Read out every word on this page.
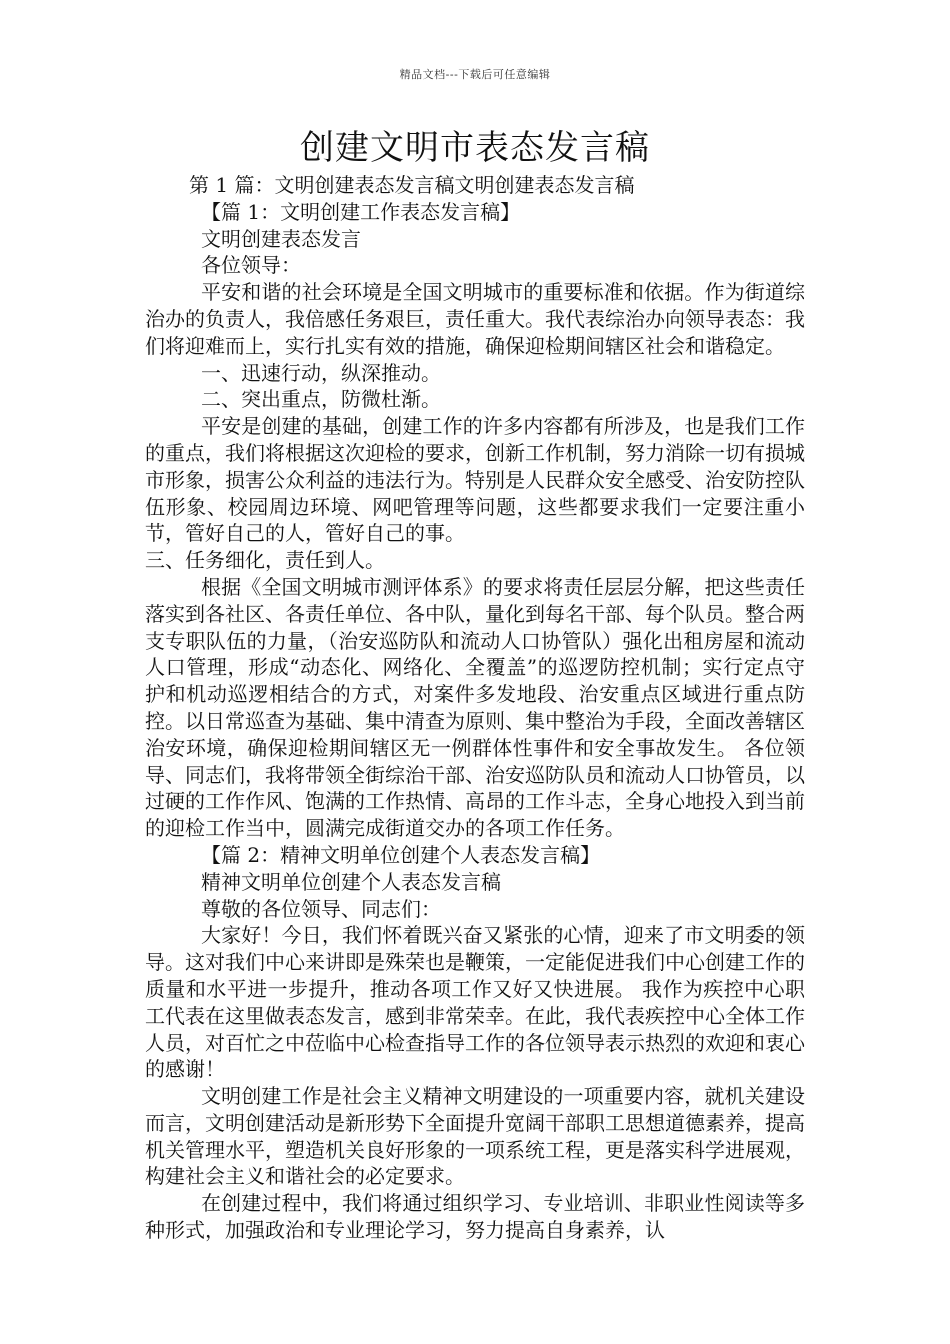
精品文档---下载后可任意编辑
创建文明市表态发言稿

第 1 篇：文明创建表态发言稿文明创建表态发言稿

【篇 1：文明创建工作表态发言稿】

文明创建表态发言

各位领导：

平安和谐的社会环境是全国文明城市的重要标准和依据。作为街道综治办的负责人，我倍感任务艰巨，责任重大。我代表综治办向领导表态：我们将迎难而上，实行扎实有效的措施，确保迎检期间辖区社会和谐稳定。

一、迅速行动，纵深推动。

二、突出重点，防微杜渐。

平安是创建的基础，创建工作的许多内容都有所涉及，也是我们工作的重点，我们将根据这次迎检的要求，创新工作机制，努力消除一切有损城市形象，损害公众利益的违法行为。特别是人民群众安全感受、治安防控队伍形象、校园周边环境、网吧管理等问题，这些都要求我们一定要注重小节，管好自己的人，管好自己的事。

三、任务细化，责任到人。

根据《全国文明城市测评体系》的要求将责任层层分解，把这些责任落实到各社区、各责任单位、各中队，量化到每名干部、每个队员。整合两支专职队伍的力量，（治安巡防队和流动人口协管队）强化出租房屋和流动人口管理，形成“动态化、网络化、全覆盖”的巡逻防控机制；实行定点守护和机动巡逻相结合的方式，对案件多发地段、治安重点区域进行重点防控。以日常巡查为基础、集中清查为原则、集中整治为手段，全面改善辖区治安环境，确保迎检期间辖区无一例群体性事件和安全事故发生。 各位领导、同志们，我将带领全街综治干部、治安巡防队员和流动人口协管员，以过硬的工作作风、饱满的工作热情、高昂的工作斗志，全身心地投入到当前的迎检工作当中，圆满完成街道交办的各项工作任务。

【篇 2：精神文明单位创建个人表态发言稿】

精神文明单位创建个人表态发言稿

尊敬的各位领导、同志们：

大家好！今日，我们怀着既兴奋又紧张的心情，迎来了市文明委的领导。这对我们中心来讲即是殊荣也是鞭策，一定能促进我们中心创建工作的质量和水平进一步提升，推动各项工作又好又快进展。 我作为疾控中心职工代表在这里做表态发言，感到非常荣幸。在此，我代表疾控中心全体工作人员，对百忙之中莅临中心检查指导工作的各位领导表示热烈的欢迎和衷心的感谢！

文明创建工作是社会主义精神文明建设的一项重要内容，就机关建设而言，文明创建活动是新形势下全面提升宽阔干部职工思想道德素养，提高机关管理水平，塑造机关良好形象的一项系统工程，更是落实科学进展观，构建社会主义和谐社会的必定要求。

在创建过程中，我们将通过组织学习、专业培训、非职业性阅读等多种形式，加强政治和专业理论学习，努力提高自身素养，认
